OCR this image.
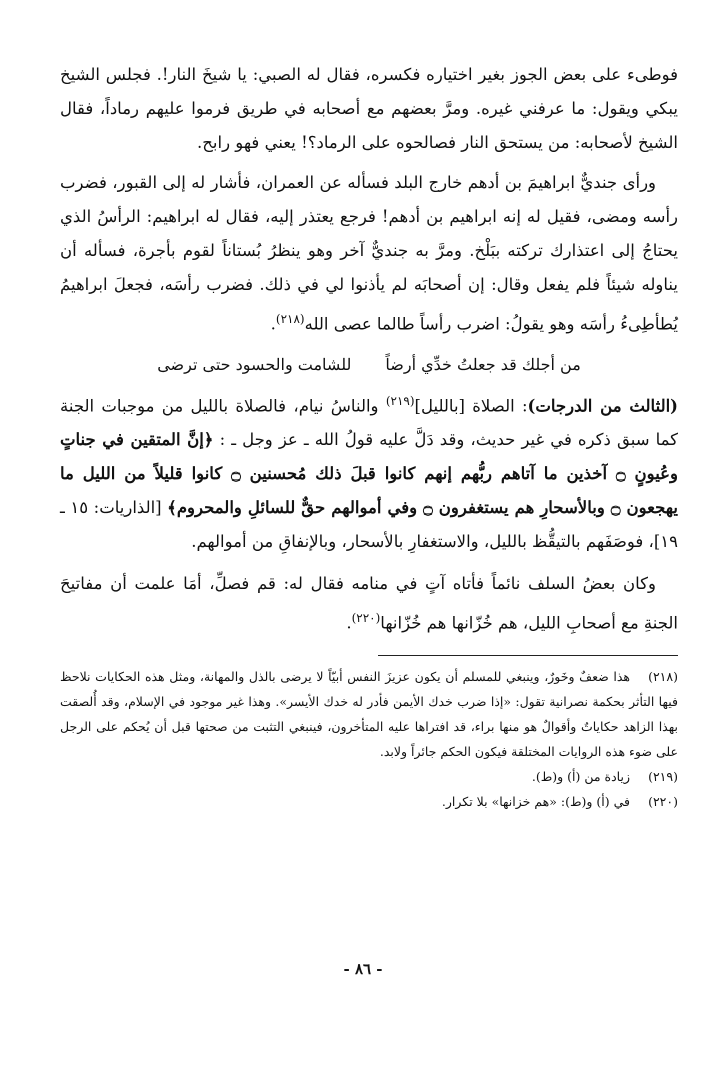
فوطىء على بعض الجوز بغير اختياره فكسره، فقال له الصبي: يا شيخَ النار!. فجلس الشيخ يبكي ويقول: ما عرفني غيره. ومرَّ بعضهم مع أصحابه في طريق فرموا عليهم رماداً، فقال الشيخ لأصحابه: من يستحق النار فصالحوه على الرماد؟! يعني فهو رابح.

ورأى جنديٌّ ابراهيمَ بن أدهم خارج البلد فسأله عن العمران، فأشار له إلى القبور، فضرب رأسه ومضى، فقيل له إنه ابراهيم بن أدهم! فرجع يعتذر إليه، فقال له ابراهيم: الرأسُ الذي يحتاجُ إلى اعتذارك تركته ببَلْخ. ومرَّ به جنديٌّ آخر وهو ينظرُ بُستاناً لقوم بأجرة، فسأله أن يناوله شيئاً فلم يفعل وقال: إن أصحابَه لم يأذنوا لي في ذلك. فضرب رأسَه، فجعلَ ابراهيمُ يُطأطِىءُ رأسَه وهو يقولُ: اضرب رأساً طالما عصى الله$^{(٢١٨)}$.

من أجلك قد جعلتُ خدِّي أرضاً
للشامت والحسود حتى ترضى

(الثالث من الدرجات): الصلاة [بالليل]$^{(٢١٩)}$ والناسُ نيام، فالصلاة بالليل من موجبات الجنة كما سبق ذكره في غير حديث، وقد دَلَّ عليه قولُ الله ـ عز وجل ـ : ﴿إنَّ المتقين في جناتٍ وعُيونٍ ۝ آخذين ما آتاهم ربُّهم إنهم كانوا قبلَ ذلك مُحسنين ۝ كانوا قليلاً من الليل ما يهجعون ۝ وبالأسحارِ هم يستغفرون ۝ وفي أموالهم حقٌّ للسائلِ والمحروم﴾ [الذاريات: ١٥ ـ ١٩]، فوصَفَهم بالتيقُّظ بالليل، والاستغفارِ بالأسحار، وبالإنفاقِ من أموالهم.

وكان بعضُ السلف نائماً فأتاه آتٍ في منامه فقال له: قم فصلِّ، أمَا علمت أن مفاتيحَ الجنةِ مع أصحابِ الليل، هم خُزّانها هم خُزّانها$^{(٢٢٠)}$.

(٢١٨)هذا ضعفٌ وخَورٌ، وينبغي للمسلم أن يكون عزيزَ النفس أبيّاً لا يرضى بالذل والمهانة، ومثل هذه الحكايات نلاحظ فيها التأثر بحكمة نصرانية تقول: «إذا ضرب خدك الأيمن فأدر له خدك الأيسر». وهذا غير موجود في الإسلام، وقد أُلصقت بهذا الزاهد حكاياتٌ وأقوالٌ هو منها براء، قد افتراها عليه المتأخرون، فينبغي التثبت من صحتها قبل أن يُحكم على الرجل على ضوء هذه الروايات المختلقة فيكون الحكم جائراً ولابد.

(٢١٩)زيادة من (أ) و(ط).

(٢٢٠)في (أ) و(ط): «هم خزانها» بلا تكرار.

- ٨٦ -
